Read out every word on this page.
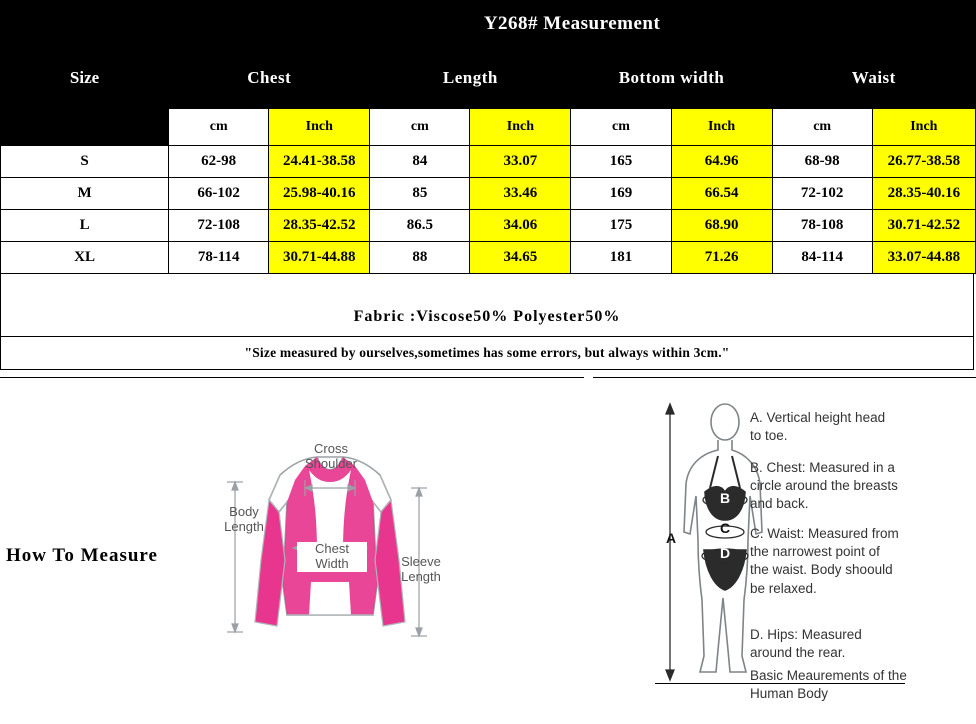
	Y268# Measurement							
Size	Chest		Length		Bottom width		Waist	
	cm	Inch	cm	Inch	cm	Inch	cm	Inch
S	62-98	24.41-38.58	84	33.07	165	64.96	68-98	26.77-38.58
M	66-102	25.98-40.16	85	33.46	169	66.54	72-102	28.35-40.16
L	72-108	28.35-42.52	86.5	34.06	175	68.90	78-108	30.71-42.52
XL	78-114	30.71-44.88	88	34.65	181	71.26	84-114	33.07-44.88
Fabric :Viscose50% Polyester50%
"Size measured by ourselves,sometimes has some errors, but always within 3cm."
How To Measure
Cross
Shoulder
Body
Length
Chest
Width	Sleeve
Length
A
B
C
D
A. Vertical height head to toe.
B. Chest: Measured in a circle around the breasts and back.
C. Waist: Measured from the narrowest point of the waist. Body shoould be relaxed.
D. Hips: Measured around the rear.
Basic Meaurements of the Human Body
